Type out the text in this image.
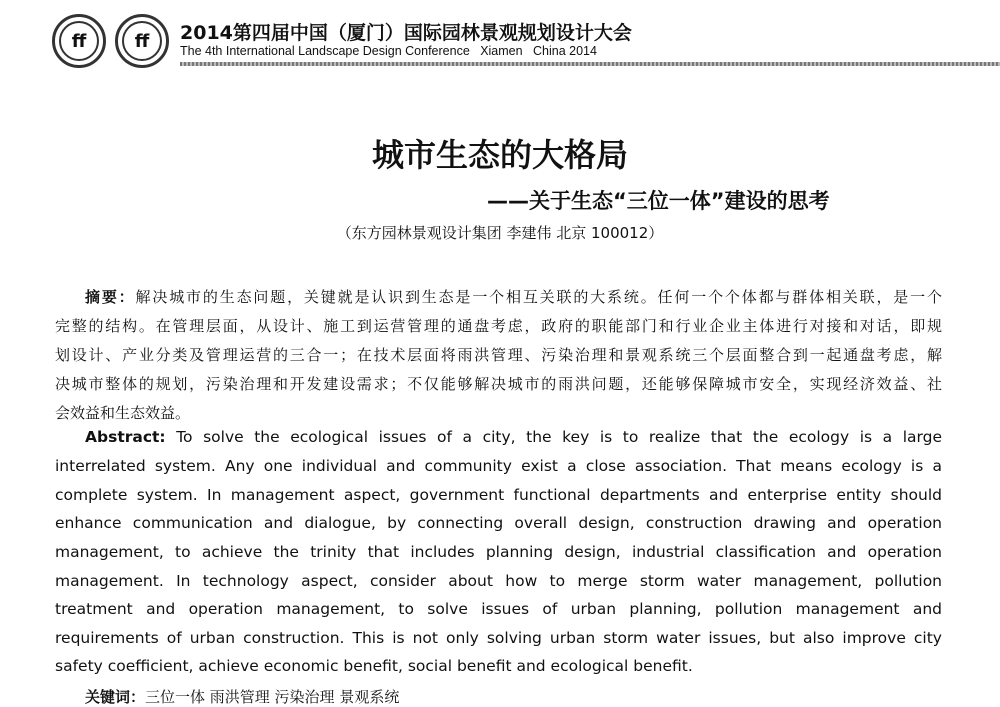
ff	ff	2014第四届中国（厦门）国际园林景观规划设计大会
The 4th International Landscape Design Conference   Xiamen   China 2014
城市生态的大格局
——关于生态“三位一体”建设的思考
（东方园林景观设计集团 李建伟 北京 100012）
摘要：解决城市的生态问题，关键就是认识到生态是一个相互关联的大系统。任何一个个体都与群体相关联，是一个
完整的结构。在管理层面，从设计、施工到运营管理的通盘考虑，政府的职能部门和行业企业主体进行对接和对话，即规
划设计、产业分类及管理运营的三合一；在技术层面将雨洪管理、污染治理和景观系统三个层面整合到一起通盘考虑，解
决城市整体的规划，污染治理和开发建设需求；不仅能够解决城市的雨洪问题，还能够保障城市安全，实现经济效益、社
会效益和生态效益。
Abstract: To solve the ecological issues of a city, the key is to realize that the ecology is a large
interrelated system. Any one individual and community exist a close association. That means ecology is a
complete system. In management aspect, government functional departments and enterprise entity should
enhance communication and dialogue, by connecting overall design, construction drawing and operation
management, to achieve the trinity that includes planning design, industrial classification and operation
management. In technology aspect, consider about how to merge storm water management, pollution
treatment and operation management, to solve issues of urban planning, pollution management and
requirements of urban construction. This is not only solving urban storm water issues, but also improve city
safety coefficient, achieve economic benefit, social benefit and ecological benefit.
关键词：三位一体 雨洪管理 污染治理 景观系统
